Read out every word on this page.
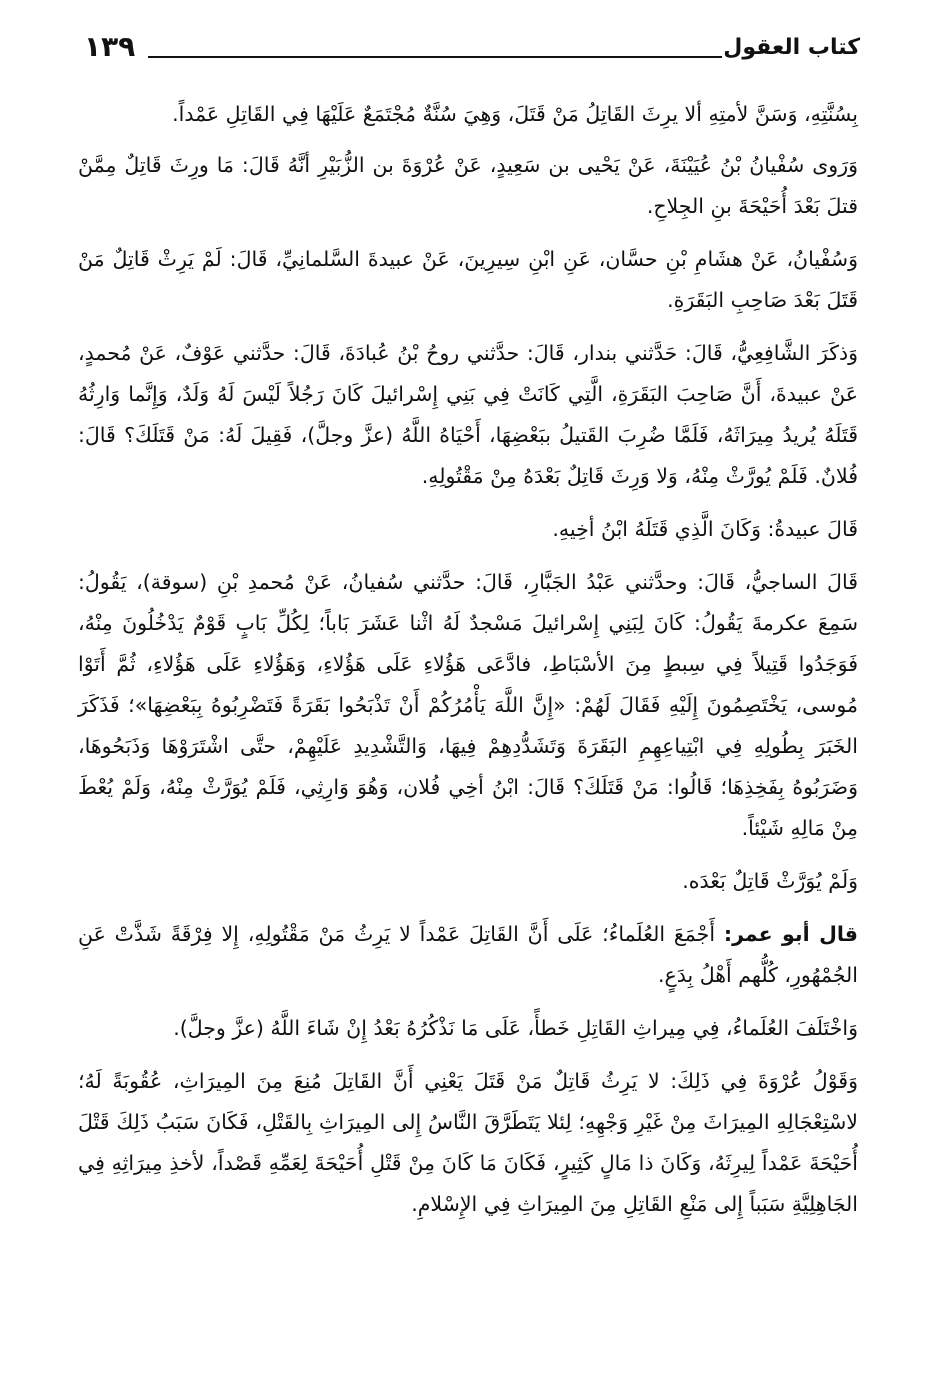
كتاب العقول
١٣٩

بِسُنَّتِهِ، وَسَنَّ لأمتِهِ ألا يرِثَ القَاتِلُ مَنْ قَتَلَ، وَهِيَ سُنَّةٌ مُجْتَمَعٌ عَلَيْهَا فِي القَاتِلِ عَمْداً.

وَرَوى سُفْيانُ بْنُ عُيَيْنَةَ، عَنْ يَحْيى بن سَعِيدٍ، عَنْ عُرْوَةَ بن الزُّبَيْرِ أنَّهُ قَالَ: مَا ورِثَ قَاتِلٌ مِمَّنْ قتلَ بَعْدَ أُحَيْحَةَ بنِ الجِلاحِ.

وَسُفْيانُ، عَنْ هشَامِ بْنِ حسَّان، عَنِ ابْنِ سِيرِينَ، عَنْ عبيدةَ السَّلمانِيِّ، قَالَ: لَمْ يَرِثْ قَاتِلٌ مَنْ قَتَلَ بَعْدَ صَاحِبِ البَقَرَةِ.

وَذكَرَ الشَّافِعِيُّ، قَالَ: حَدَّثني بندار، قَالَ: حدَّثني روحُ بْنُ عُبادَةَ، قَالَ: حدَّثني عَوْفٌ، عَنْ مُحمدٍ، عَنْ عبيدةَ، أَنَّ صَاحِبَ البَقَرَةِ، الَّتِي كَانَتْ فِي بَنِي إِسْرائيلَ كَانَ رَجُلاً لَيْسَ لَهُ وَلَدٌ، وَإِنَّما وَارِثُهُ قَتَلَهُ يُريدُ مِيرَاثَهُ، فَلَمَّا ضُرِبَ القَتيلُ ببَعْضِهَا، أَحْيَاهُ اللَّهُ (عزَّ وجلَّ)، فَقِيلَ لَهُ: مَنْ قَتَلَكَ؟ قَالَ: فُلانٌ. فَلَمْ يُورَّثْ مِنْهُ، وَلا وَرِثَ قَاتِلٌ بَعْدَهُ مِنْ مَقْتُولِهِ.

قَالَ عبيدةُ: وَكَانَ الَّذِي قَتَلَهُ ابْنُ أخِيهِ.

قَالَ الساجيُّ، قَالَ: وحدَّثني عَبْدُ الجَبَّارِ، قَالَ: حدَّثني سُفيانُ، عَنْ مُحمدِ بْنِ (سوقة)، يَقُولُ: سَمِعَ عكرمةَ يَقُولُ: كَانَ لِبَنِي إِسْرائيلَ مَسْجدٌ لَهُ اثْنا عَشَرَ بَاباً؛ لِكُلِّ بَابٍ قَوْمٌ يَدْخُلُونَ مِنْهُ، فَوَجَدُوا قَتِيلاً فِي سِبطٍ مِنَ الأسْبَاطِ، فادَّعَى هَؤُلاءِ عَلَى هَؤُلاءِ، وَهَؤُلاءِ عَلَى هَؤُلاءِ، ثُمَّ أَتَوْا مُوسى، يَخْتَصِمُونَ إِلَيْهِ فَقَالَ لَهُمْ: «إِنَّ اللَّهَ يَأْمُرُكُمْ أَنْ تَذْبَحُوا بَقَرَةً فَتَضْرِبُوهُ بِبَعْضِهَا»؛ فَذَكَرَ الخَبَرَ بِطُولِهِ فِي ابْتِياعِهِمِ البَقَرَةَ وَتَشَدُّدِهِمْ فِيهَا، وَالتَّشْدِيدِ عَلَيْهِمْ، حتَّى اشْتَرَوْهَا وَذَبَحُوهَا، وَضَرَبُوهُ بِفَخِذِهَا؛ قَالُوا: مَنْ قَتَلَكَ؟ قَالَ: ابْنُ أخِي فُلان، وَهُوَ وَارِثِي، فَلَمْ يُوَرَّثْ مِنْهُ، وَلَمْ يُعْطَ مِنْ مَالِهِ شَيْئاً.

وَلَمْ يُوَرَّثْ قَاتِلٌ بَعْدَه.

قال أبو عمر: أَجْمَعَ العُلَماءُ؛ عَلَى أَنَّ القَاتِلَ عَمْداً لا يَرِثُ مَنْ مَقْتُولِهِ، إِلا فِرْقَةً شَذَّتْ عَنِ الجُمْهُورِ، كُلُّهم أَهْلُ بِدَعٍ.

وَاخْتَلَفَ العُلَماءُ، فِي مِيراثِ القَاتِلِ خَطأً، عَلَى مَا نَذْكُرُهُ بَعْدُ إِنْ شَاءَ اللَّهُ (عزَّ وجلَّ).

وَقَوْلُ عُرْوَةَ فِي ذَلِكَ: لا يَرِثُ قَاتِلٌ مَنْ قَتَلَ يَعْنِي أَنَّ القَاتِلَ مُنِعَ مِنَ المِيرَاثِ، عُقُوبَةً لَهُ؛ لاسْتِعْجَالِهِ المِيرَاثَ مِنْ غَيْرِ وَجْهِهِ؛ لِئلا يَتَطَرَّقَ النَّاسُ إِلى المِيرَاثِ بِالقَتْلِ، فَكَانَ سَبَبُ ذَلِكَ قَتْلَ أُحَيْحَةَ عَمْداً لِيرِثَهُ، وَكَانَ ذا مَالٍ كَثِيرٍ، فَكَانَ مَا كَانَ مِنْ قَتْلِ أُحَيْحَةَ لِعَمِّهِ قَصْداً، لأخذِ مِيرَاثِهِ فِي الجَاهِلِيَّةِ سَبَباً إِلى مَنْعِ القَاتِلِ مِنَ المِيرَاثِ فِي الإِسْلامِ.
